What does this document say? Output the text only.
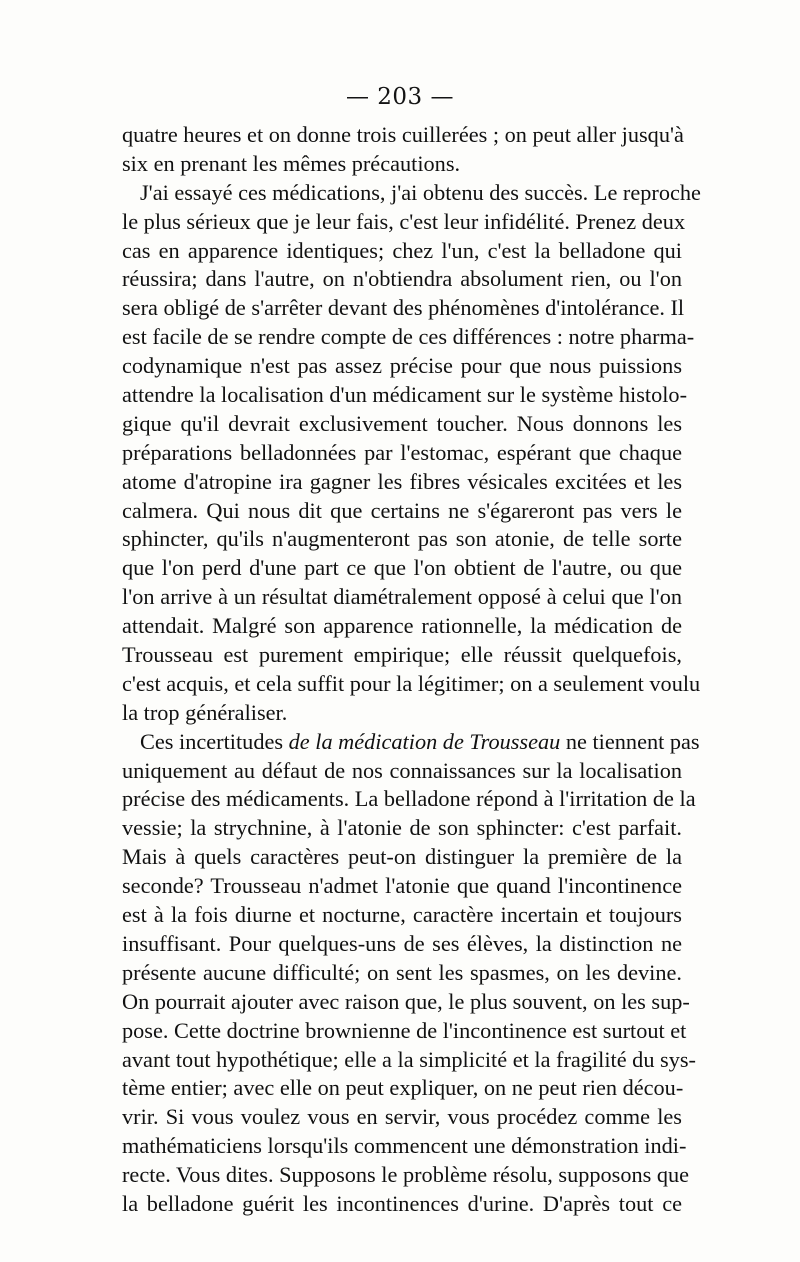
— 203 —
quatre heures et on donne trois cuillerées ; on peut aller jusqu'à
six en prenant les mêmes précautions.
J'ai essayé ces médications, j'ai obtenu des succès. Le reproche
le plus sérieux que je leur fais, c'est leur infidélité. Prenez deux
cas en apparence identiques; chez l'un, c'est la belladone qui
réussira; dans l'autre, on n'obtiendra absolument rien, ou l'on
sera obligé de s'arrêter devant des phénomènes d'intolérance. Il
est facile de se rendre compte de ces différences : notre pharma-
codynamique n'est pas assez précise pour que nous puissions
attendre la localisation d'un médicament sur le système histolo-
gique qu'il devrait exclusivement toucher. Nous donnons les
préparations belladonnées par l'estomac, espérant que chaque
atome d'atropine ira gagner les fibres vésicales excitées et les
calmera. Qui nous dit que certains ne s'égareront pas vers le
sphincter, qu'ils n'augmenteront pas son atonie, de telle sorte
que l'on perd d'une part ce que l'on obtient de l'autre, ou que
l'on arrive à un résultat diamétralement opposé à celui que l'on
attendait. Malgré son apparence rationnelle, la médication de
Trousseau est purement empirique; elle réussit quelquefois,
c'est acquis, et cela suffit pour la légitimer; on a seulement voulu
la trop généraliser.
Ces incertitudes de la médication de Trousseau ne tiennent pas
uniquement au défaut de nos connaissances sur la localisation
précise des médicaments. La belladone répond à l'irritation de la
vessie; la strychnine, à l'atonie de son sphincter: c'est parfait.
Mais à quels caractères peut-on distinguer la première de la
seconde? Trousseau n'admet l'atonie que quand l'incontinence
est à la fois diurne et nocturne, caractère incertain et toujours
insuffisant. Pour quelques-uns de ses élèves, la distinction ne
présente aucune difficulté; on sent les spasmes, on les devine.
On pourrait ajouter avec raison que, le plus souvent, on les sup-
pose. Cette doctrine brownienne de l'incontinence est surtout et
avant tout hypothétique; elle a la simplicité et la fragilité du sys-
tème entier; avec elle on peut expliquer, on ne peut rien décou-
vrir. Si vous voulez vous en servir, vous procédez comme les
mathématiciens lorsqu'ils commencent une démonstration indi-
recte. Vous dites. Supposons le problème résolu, supposons que
la belladone guérit les incontinences d'urine. D'après tout ce
